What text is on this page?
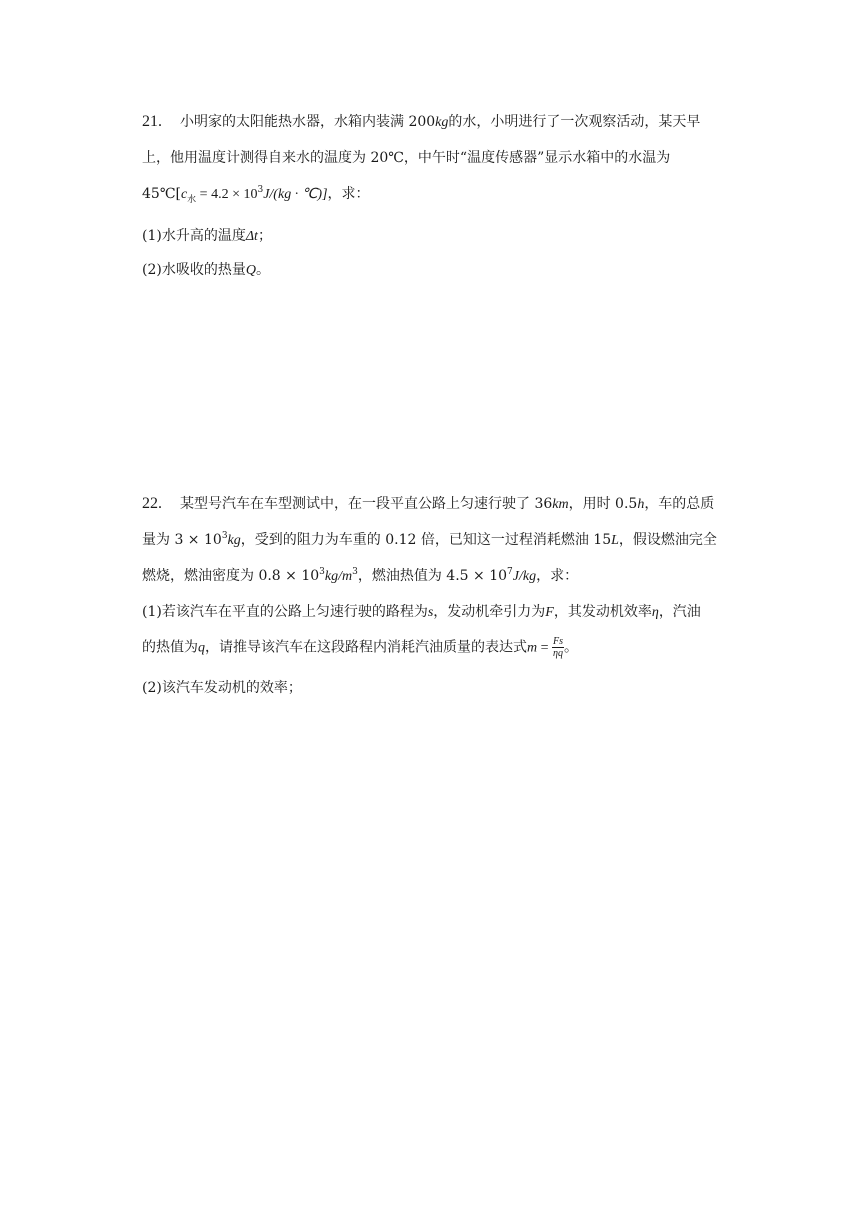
21. 小明家的太阳能热水器，水箱内装满 200kg的水，小明进行了一次观察活动，某天早
上，他用温度计测得自来水的温度为 20℃，中午时“温度传感器”显示水箱中的水温为
$45℃[c_水 = 4.2 \times 10^3J/(kg$ · ℃)]，求：
(1)水升高的温度Δt；
(2)水吸收的热量Q。
22. 某型号汽车在车型测试中，在一段平直公路上匀速行驶了 36km，用时 0.5h，车的总质
量为 $3 \times 10^3kg$，受到的阻力为车重的 0.12 倍，已知这一过程消耗燃油 15L，假设燃油完全
燃烧，燃油密度为 $0.8 \times 10^3kg/m^3$，燃油热值为 $4.5 \times 10^7J/kg$，求：
(1)若该汽车在平直的公路上匀速行驶的路程为s，发动机牵引力为F，其发动机效率η，汽油
的热值为q，请推导该汽车在这段路程内消耗汽油质量的表达式$m = \frac{Fs}{\eta q}$ 。
(2)该汽车发动机的效率；
